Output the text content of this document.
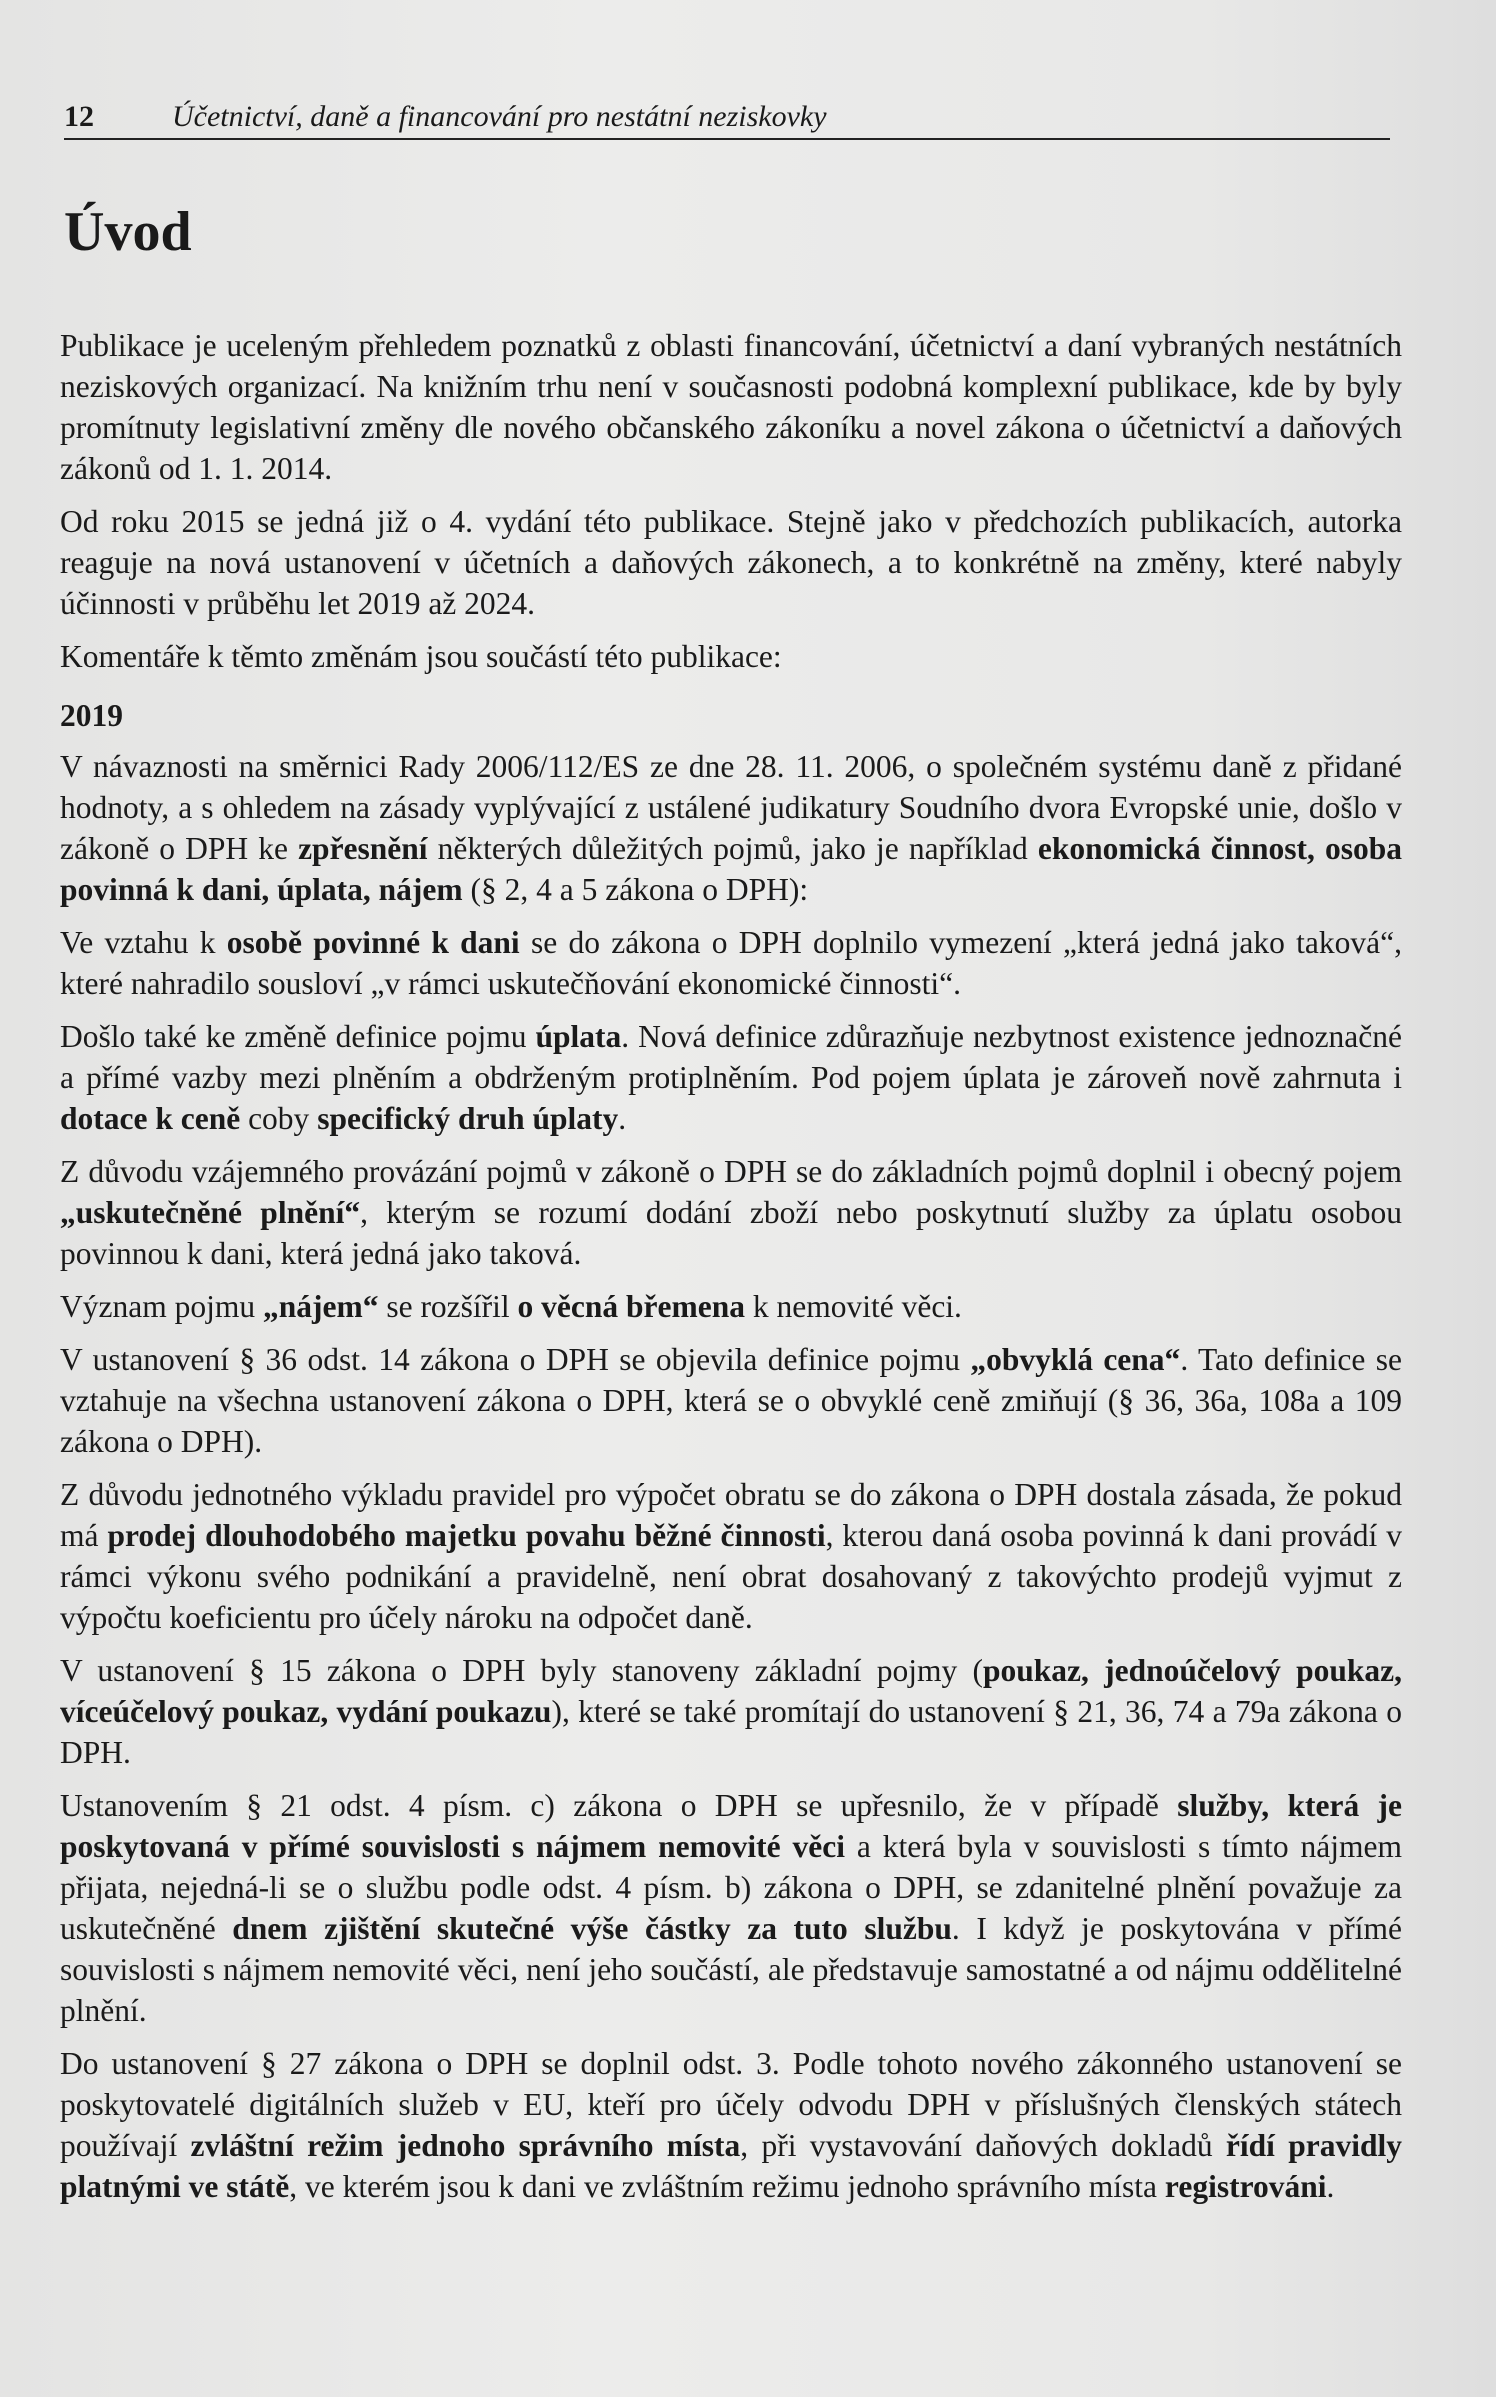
12	Účetnictví, daně a financování pro nestátní neziskovky
Úvod

Publikace je uceleným přehledem poznatků z oblasti financování, účetnictví a daní vybraných nestátních neziskových organizací. Na knižním trhu není v současnosti podobná komplexní publikace, kde by byly promítnuty legislativní změny dle nového občanského zákoníku a novel zákona o účetnictví a daňových zákonů od 1. 1. 2014.

Od roku 2015 se jedná již o 4. vydání této publikace. Stejně jako v předchozích publikacích, autorka reaguje na nová ustanovení v účetních a daňových zákonech, a to konkrétně na změny, které nabyly účinnosti v průběhu let 2019 až 2024.

Komentáře k těmto změnám jsou součástí této publikace:

2019

V návaznosti na směrnici Rady 2006/112/ES ze dne 28. 11. 2006, o společném systému daně z přidané hodnoty, a s ohledem na zásady vyplývající z ustálené judikatury Soudního dvora Evropské unie, došlo v zákoně o DPH ke zpřesnění některých důležitých pojmů, jako je například ekonomická činnost, osoba povinná k dani, úplata, nájem (§ 2, 4 a 5 zákona o DPH):

Ve vztahu k osobě povinné k dani se do zákona o DPH doplnilo vymezení „která jedná jako taková“, které nahradilo sousloví „v rámci uskutečňování ekonomické činnosti“.

Došlo také ke změně definice pojmu úplata. Nová definice zdůrazňuje nezbytnost existence jednoznačné a přímé vazby mezi plněním a obdrženým protiplněním. Pod pojem úplata je zároveň nově zahrnuta i dotace k ceně coby specifický druh úplaty.

Z důvodu vzájemného provázání pojmů v zákoně o DPH se do základních pojmů doplnil i obecný pojem „uskutečněné plnění“, kterým se rozumí dodání zboží nebo poskytnutí služby za úplatu osobou povinnou k dani, která jedná jako taková.

Význam pojmu „nájem“ se rozšířil o věcná břemena k nemovité věci.

V ustanovení § 36 odst. 14 zákona o DPH se objevila definice pojmu „obvyklá cena“. Tato definice se vztahuje na všechna ustanovení zákona o DPH, která se o obvyklé ceně zmiňují (§ 36, 36a, 108a a 109 zákona o DPH).

Z důvodu jednotného výkladu pravidel pro výpočet obratu se do zákona o DPH dostala zásada, že pokud má prodej dlouhodobého majetku povahu běžné činnosti, kterou daná osoba povinná k dani provádí v rámci výkonu svého podnikání a pravidelně, není obrat dosahovaný z takovýchto prodejů vyjmut z výpočtu koeficientu pro účely nároku na odpočet daně.

V ustanovení § 15 zákona o DPH byly stanoveny základní pojmy (poukaz, jednoúčelový poukaz, víceúčelový poukaz, vydání poukazu), které se také promítají do ustanovení § 21, 36, 74 a 79a zákona o DPH.

Ustanovením § 21 odst. 4 písm. c) zákona o DPH se upřesnilo, že v případě služby, která je poskytovaná v přímé souvislosti s nájmem nemovité věci a která byla v souvislosti s tímto nájmem přijata, nejedná-li se o službu podle odst. 4 písm. b) zákona o DPH, se zdanitelné plnění považuje za uskutečněné dnem zjištění skutečné výše částky za tuto službu. I když je poskytována v přímé souvislosti s nájmem nemovité věci, není jeho součástí, ale představuje samostatné a od nájmu oddělitelné plnění.

Do ustanovení § 27 zákona o DPH se doplnil odst. 3. Podle tohoto nového zákonného ustanovení se poskytovatelé digitálních služeb v EU, kteří pro účely odvodu DPH v příslušných členských státech používají zvláštní režim jednoho správního místa, při vystavování daňových dokladů řídí pravidly platnými ve státě, ve kterém jsou k dani ve zvláštním režimu jednoho správního místa registrováni.
